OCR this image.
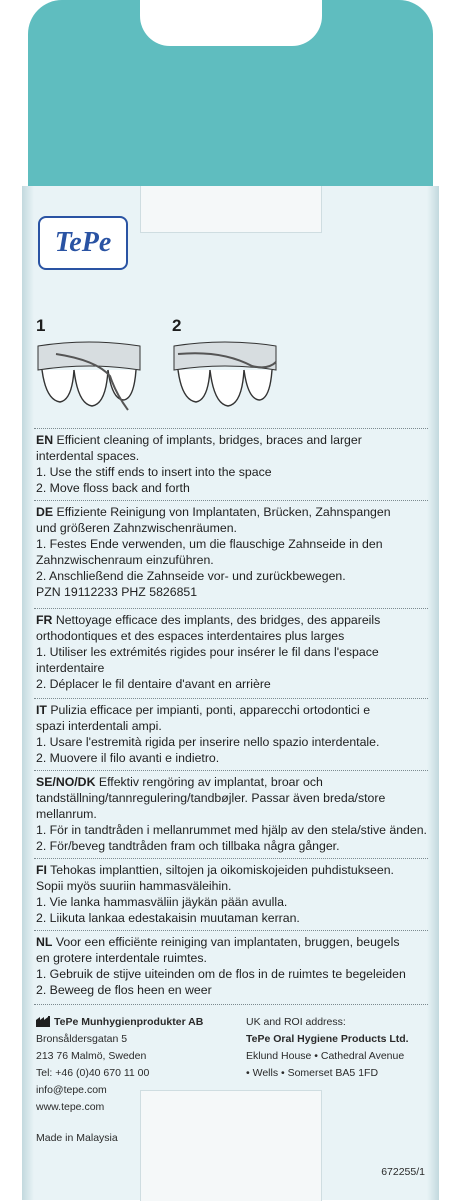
TePe
1	2

EN Efficient cleaning of implants, bridges, braces and larger

interdental spaces.

1. Use the stiff ends to insert into the space

2. Move floss back and forth

DE Effiziente Reinigung von Implantaten, Brücken, Zahnspangen

und größeren Zahnzwischenräumen.

1. Festes Ende verwenden, um die flauschige Zahnseide in den

Zahnzwischenraum einzuführen.

2. Anschließend die Zahnseide vor- und zurückbewegen.

PZN 19112233 PHZ 5826851

FR Nettoyage efficace des implants, des bridges, des appareils

orthodontiques et des espaces interdentaires plus larges

1. Utiliser les extrémités rigides pour insérer le fil dans l'espace

interdentaire

2. Déplacer le fil dentaire d'avant en arrière

IT Pulizia efficace per impianti, ponti, apparecchi ortodontici e

spazi interdentali ampi.

1. Usare l'estremità rigida per inserire nello spazio interdentale.

2. Muovere il filo avanti e indietro.

SE/NO/DK Effektiv rengöring av implantat, broar och

tandställning/tannregulering/tandbøjler. Passar även breda/store

mellanrum.

1. För in tandtråden i mellanrummet med hjälp av den stela/stive änden.

2. För/beveg tandtråden fram och tillbaka några gånger.

FI Tehokas implanttien, siltojen ja oikomiskojeiden puhdistukseen.

Sopii myös suuriin hammasväleihin.

1. Vie lanka hammasväliin jäykän pään avulla.

2. Liikuta lankaa edestakaisin muutaman kerran.

NL Voor een efficiënte reiniging van implantaten, bruggen, beugels

en grotere interdentale ruimtes.

1. Gebruik de stijve uiteinden om de flos in de ruimtes te begeleiden

2. Beweeg de flos heen en weer

TePe Munhygienprodukter AB
Bronsåldersgatan 5
213 76 Malmö, Sweden
Tel: +46 (0)40 670 11 00
info@tepe.com
www.tepe.com
Made in Malaysia
UK and ROI address:
TePe Oral Hygiene Products Ltd.
Eklund House • Cathedral Avenue
• Wells • Somerset BA5 1FD
672255/1
